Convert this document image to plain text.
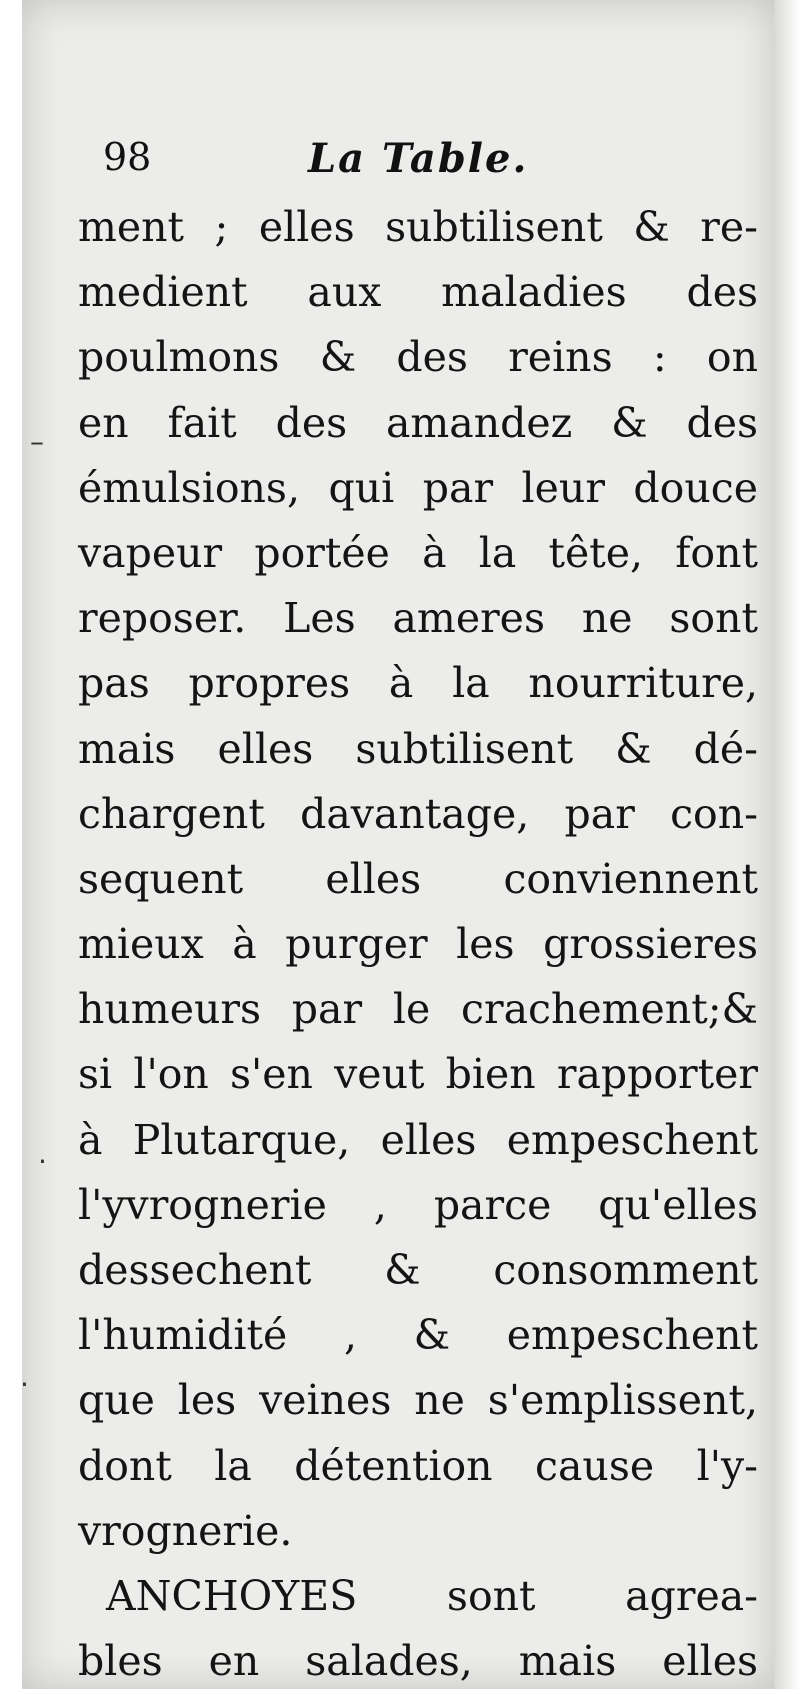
98	La Table.
–
·
.
ment ; elles subtilisent & re-
medient aux maladies des
poulmons & des reins : on
en fait des amandez & des
émulsions, qui par leur douce
vapeur portée à la tête, font
reposer. Les ameres ne sont
pas propres à la nourriture,
mais elles subtilisent & dé-
chargent davantage, par con-
sequent elles conviennent
mieux à purger les grossieres
humeurs par le crachement;&
si l'on s'en veut bien rapporter
à Plutarque, elles empeschent
l'yvrognerie , parce qu'elles
dessechent & consomment
l'humidité , & empeschent
que les veines ne s'emplissent,
dont la détention cause l'y-
vrognerie.
ANCHOYES sont agrea-
bles en salades, mais elles
